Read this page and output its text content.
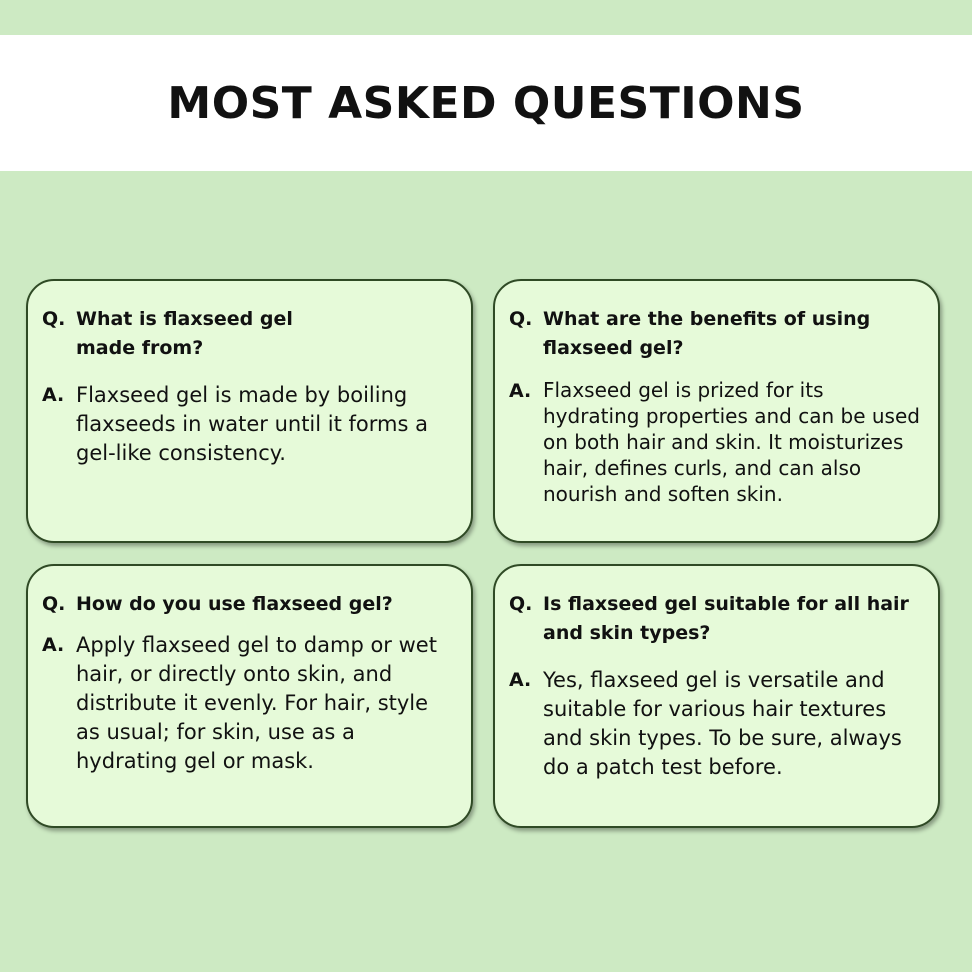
MOST ASKED QUESTIONS
Q. What is flaxseed gel made from?
A. Flaxseed gel is made by boiling flaxseeds in water until it forms a gel-like consistency.
Q. What are the benefits of using flaxseed gel?
A. Flaxseed gel is prized for its hydrating properties and can be used on both hair and skin. It moisturizes hair, defines curls, and can also nourish and soften skin.
Q. How do you use flaxseed gel?
A. Apply flaxseed gel to damp or wet hair, or directly onto skin, and distribute it evenly. For hair, style as usual; for skin, use as a hydrating gel or mask.
Q. Is flaxseed gel suitable for all hair and skin types?
A. Yes, flaxseed gel is versatile and suitable for various hair textures and skin types. To be sure, always do a patch test before.
